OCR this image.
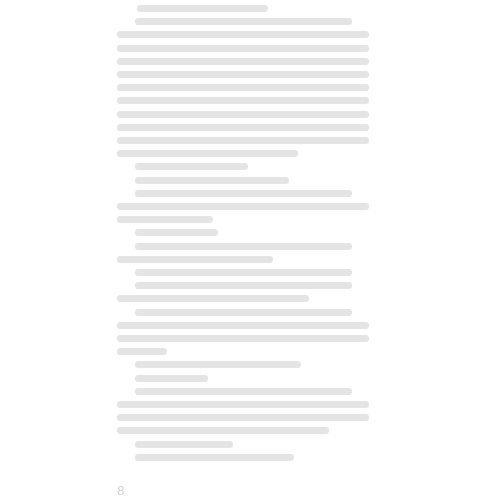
8
